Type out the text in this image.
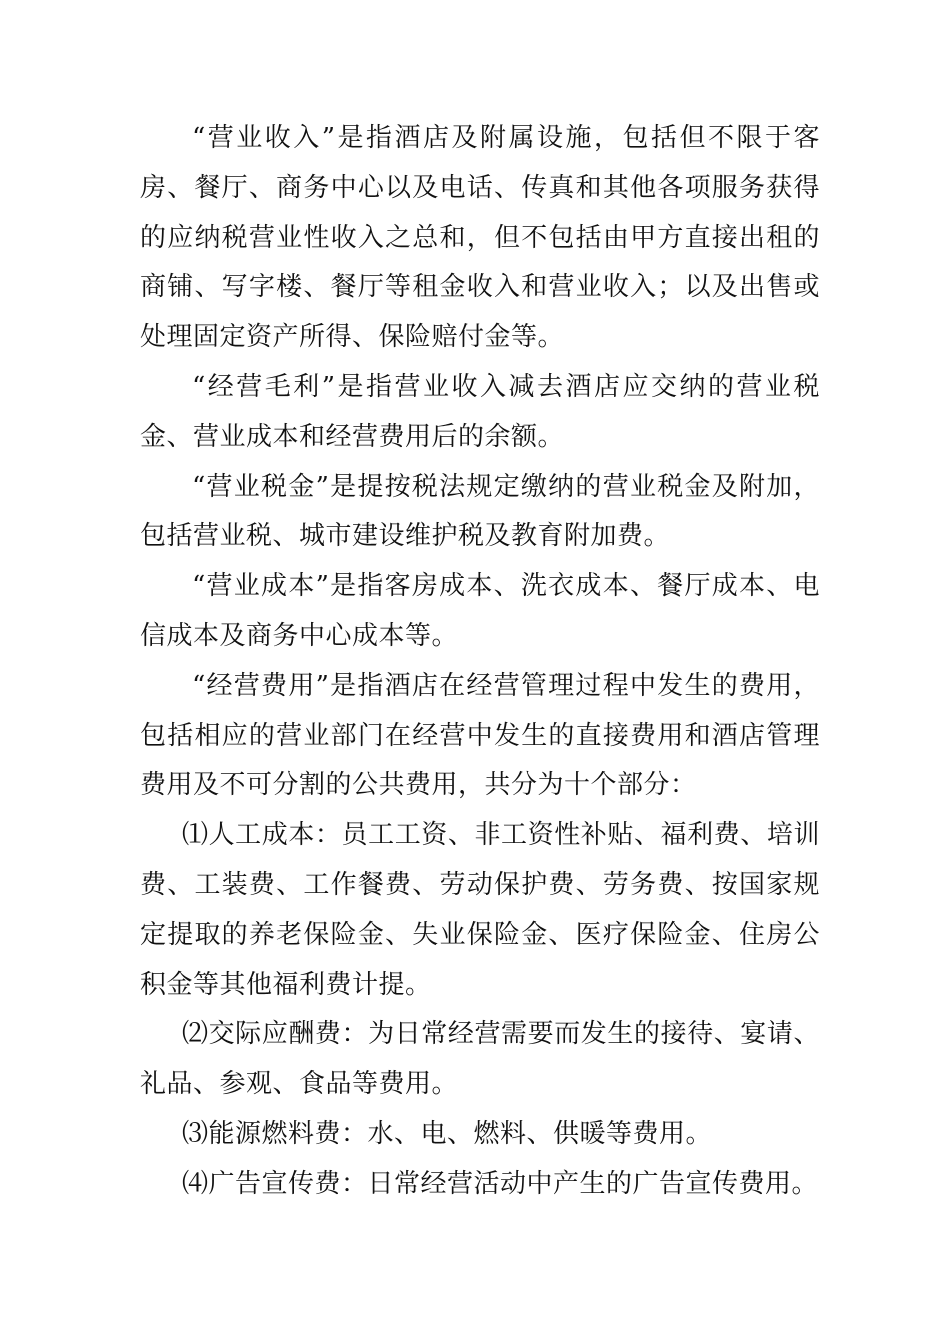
“营业收入”是指酒店及附属设施，包括但不限于客房、餐厅、商务中心以及电话、传真和其他各项服务获得的应纳税营业性收入之总和，但不包括由甲方直接出租的商铺、写字楼、餐厅等租金收入和营业收入；以及出售或处理固定资产所得、保险赔付金等。

“经营毛利”是指营业收入减去酒店应交纳的营业税金、营业成本和经营费用后的余额。

“营业税金”是提按税法规定缴纳的营业税金及附加，包括营业税、城市建设维护税及教育附加费。

“营业成本”是指客房成本、洗衣成本、餐厅成本、电信成本及商务中心成本等。

“经营费用”是指酒店在经营管理过程中发生的费用，包括相应的营业部门在经营中发生的直接费用和酒店管理费用及不可分割的公共费用，共分为十个部分：

⑴人工成本：员工工资、非工资性补贴、福利费、培训费、工装费、工作餐费、劳动保护费、劳务费、按国家规定提取的养老保险金、失业保险金、医疗保险金、住房公积金等其他福利费计提。

⑵交际应酬费：为日常经营需要而发生的接待、宴请、礼品、参观、食品等费用。

⑶能源燃料费：水、电、燃料、供暖等费用。

⑷广告宣传费：日常经营活动中产生的广告宣传费用。
